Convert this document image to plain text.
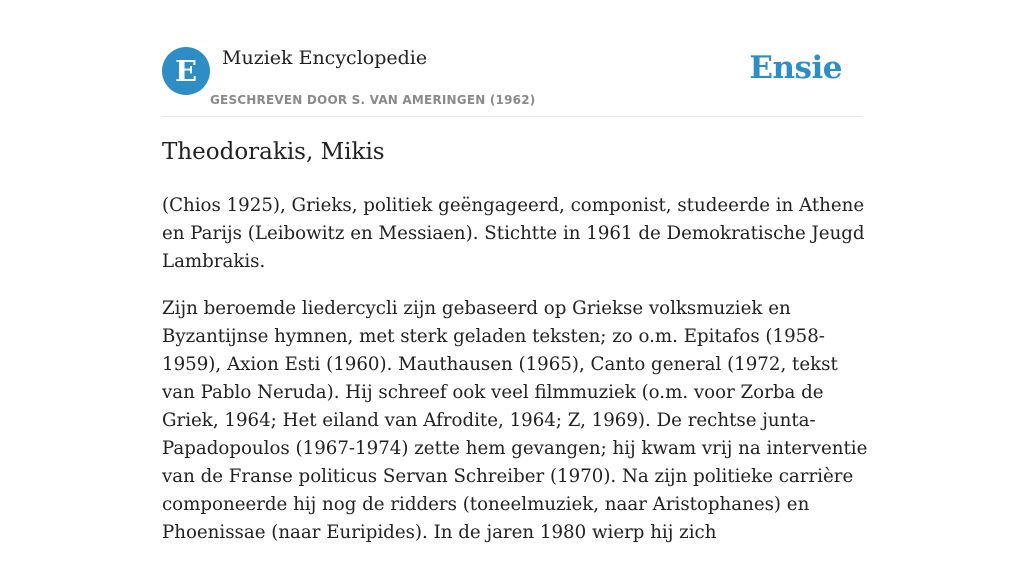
E	Muziek Encyclopedie
GESCHREVEN DOOR S. VAN AMERINGEN (1962)
Ensie
Theodorakis, Mikis

(Chios 1925), Grieks, politiek geëngageerd, componist, studeerde in Athene en Parijs (Leibowitz en Messiaen). Stichtte in 1961 de Demokratische Jeugd Lambrakis.

Zijn beroemde liedercycli zijn gebaseerd op Griekse volksmuziek en Byzantijnse hymnen, met sterk geladen teksten; zo o.m. Epitafos (1958-1959), Axion Esti (1960). Mauthausen (1965), Canto general (1972, tekst van Pablo Neruda). Hij schreef ook veel filmmuziek (o.m. voor Zorba de Griek, 1964; Het eiland van Afrodite, 1964; Z, 1969). De rechtse junta-Papadopoulos (1967-1974) zette hem gevangen; hij kwam vrij na interventie van de Franse politicus Servan Schreiber (1970). Na zijn politieke carrière componeerde hij nog de ridders (toneelmuziek, naar Aristophanes) en Phoenissae (naar Euripides). In de jaren 1980 wierp hij zich
